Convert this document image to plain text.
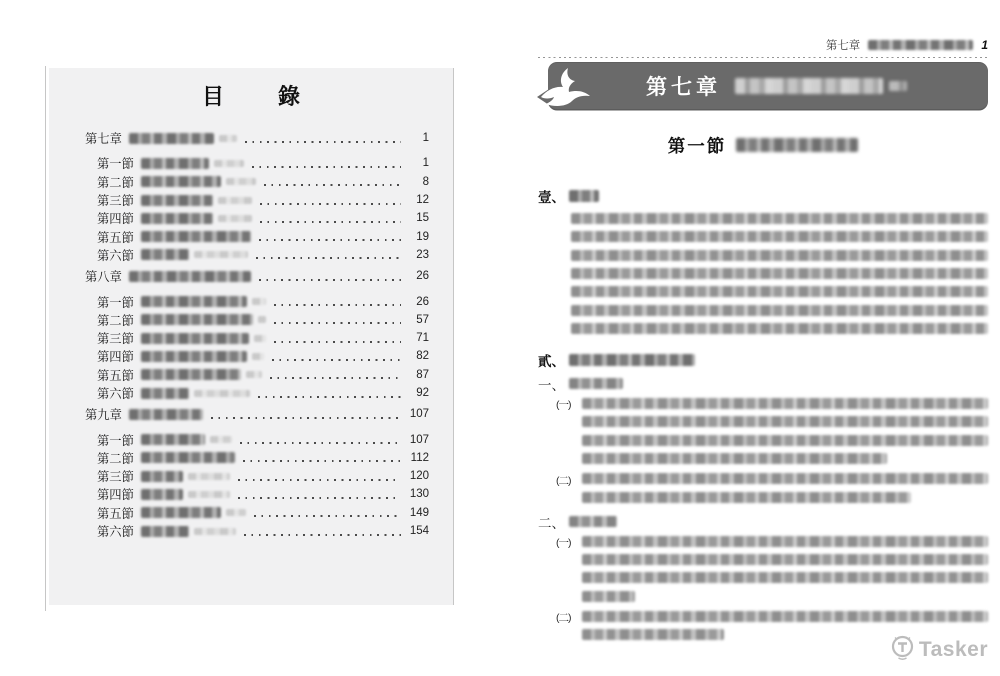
目　錄
第七章	1
第一節	1
第二節	8
第三節	12
第四節	15
第五節	19
第六節	23
第八章	26
第一節	26
第二節	57
第三節	71
第四節	82
第五節	87
第六節	92
第九章	107
第一節	107
第二節	112
第三節	120
第四節	130
第五節	149
第六節	154
第七章	1
第七章
第一節
壹、
貳、
一、
(一)
(二)
二、
(一)
(二)
Tasker
